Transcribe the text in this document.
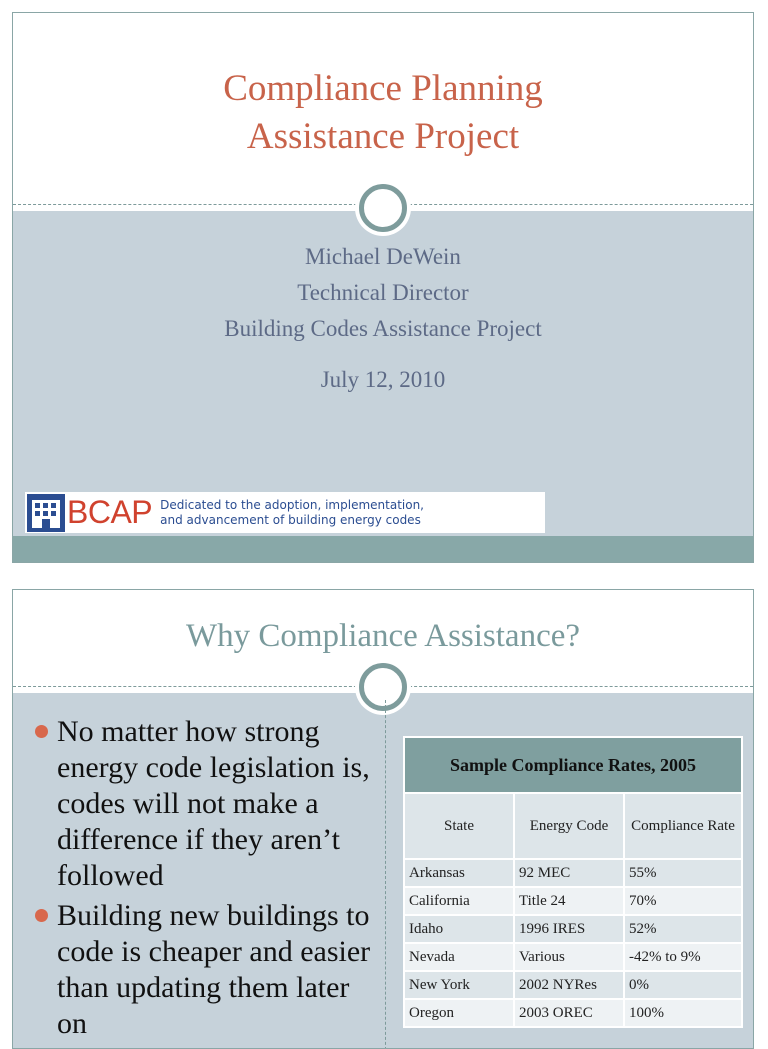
Compliance Planning
Assistance Project
Michael DeWein
Technical Director
Building Codes Assistance Project
July 12, 2010
BCAP Dedicated to the adoption, implementation,
and advancement of building energy codes
Why Compliance Assistance?
No matter how strong energy code legislation is, codes will not make a difference if they aren’t followed
Building new buildings to code is cheaper and easier than updating them later on
Sample Compliance Rates, 2005		
State	Energy Code	Compliance Rate
Arkansas	92 MEC	55%
California	Title 24	70%
Idaho	1996 IRES	52%
Nevada	Various	-42% to 9%
New York	2002 NYRes	0%
Oregon	2003 OREC	100%
